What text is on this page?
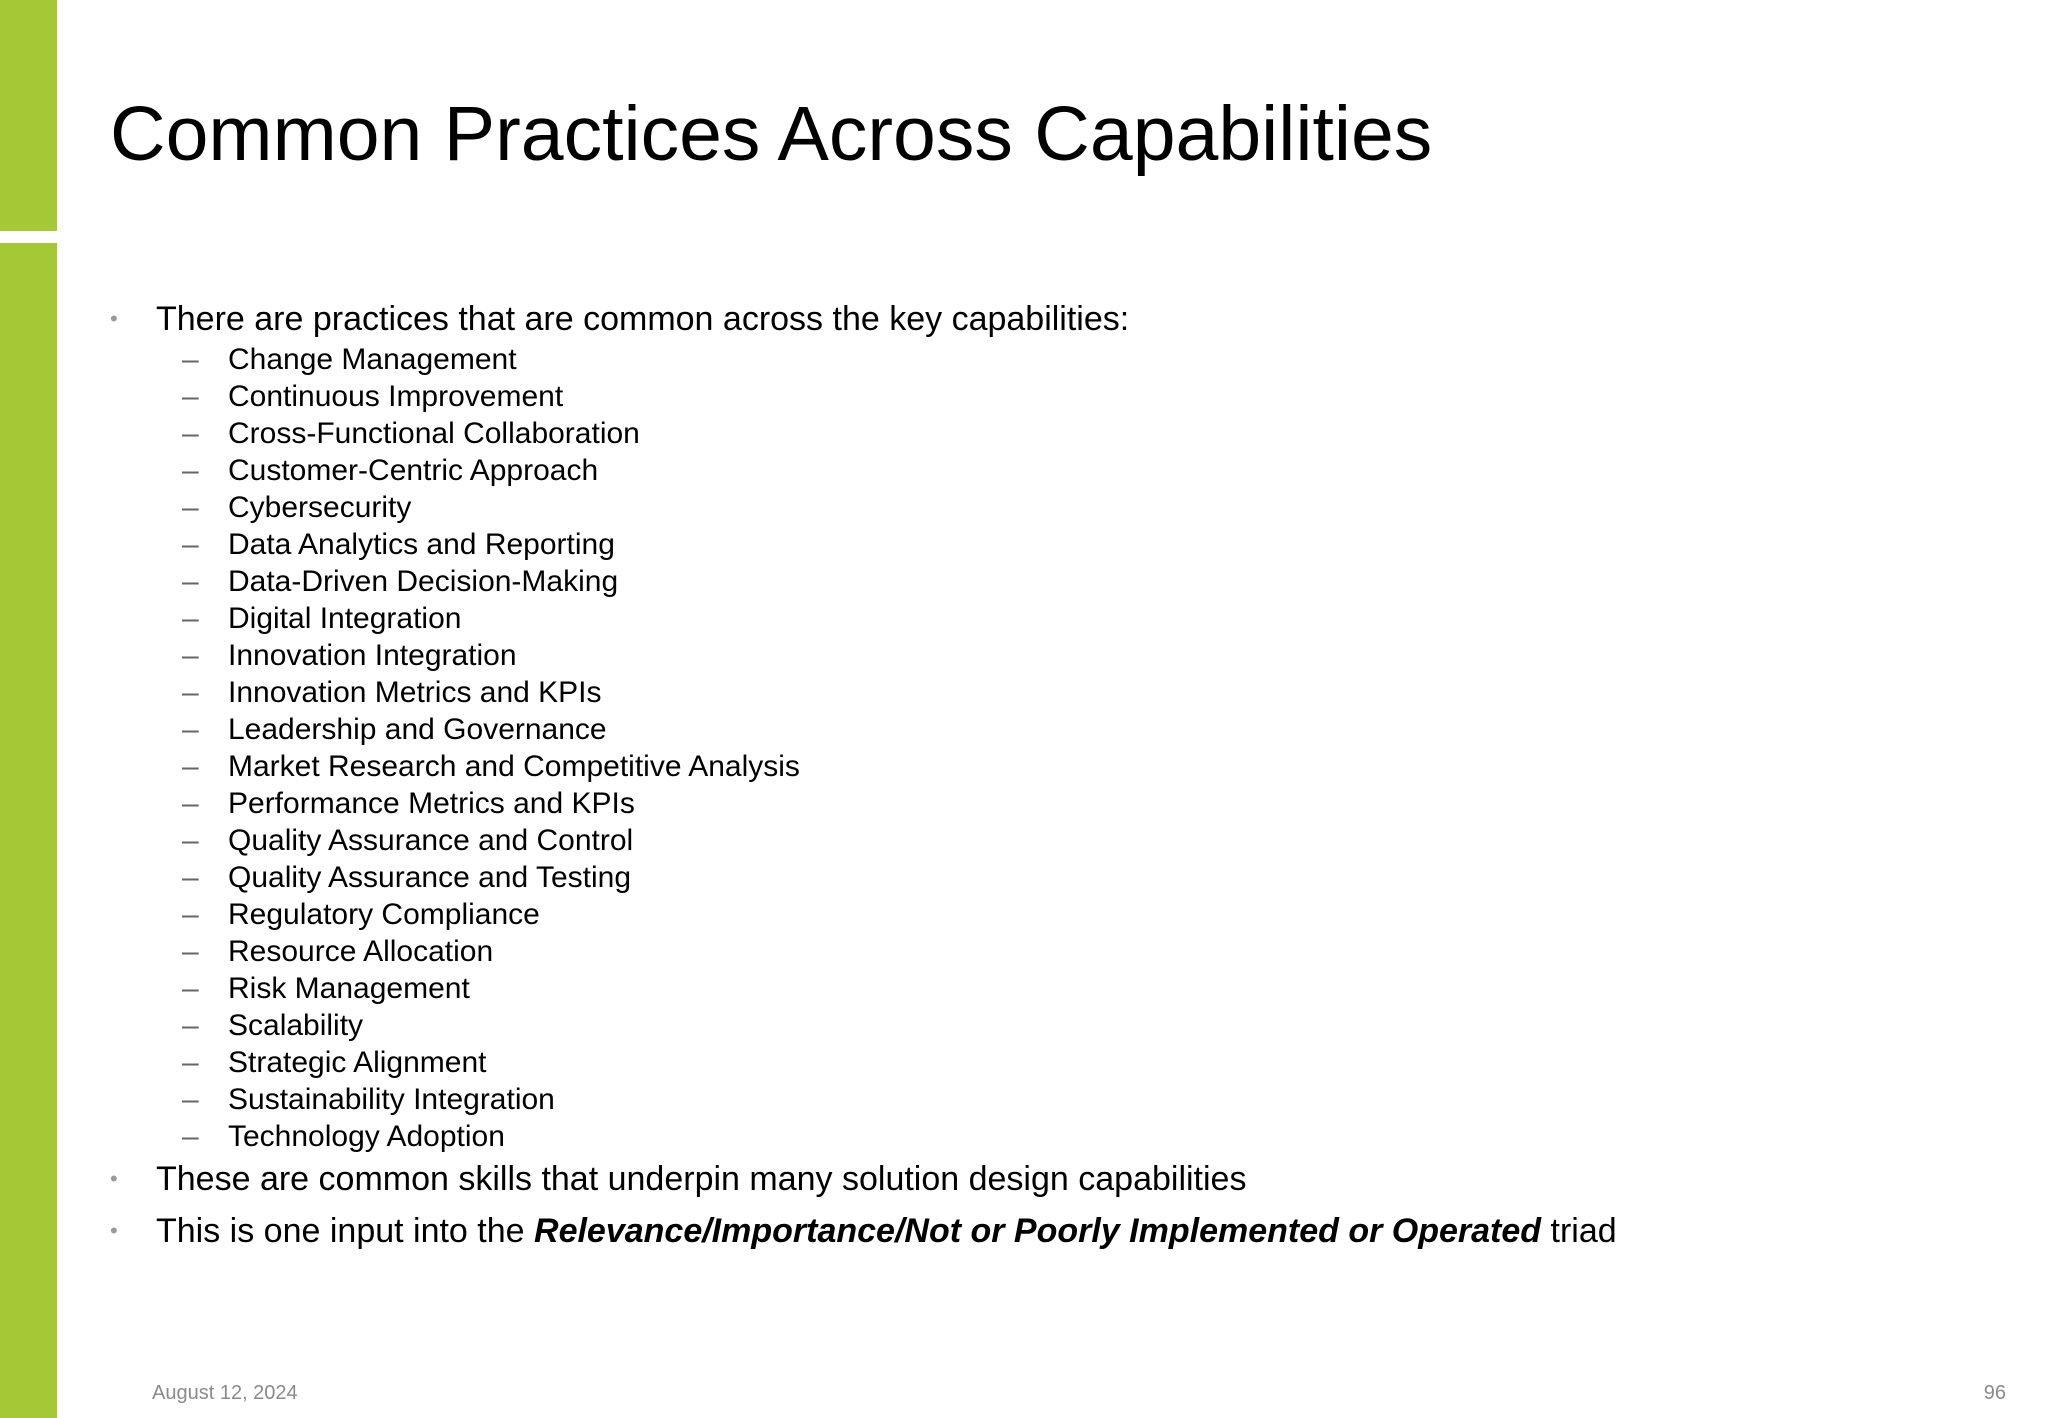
Common Practices Across Capabilities
• There are practices that are common across the key capabilities:
– Change Management
– Continuous Improvement
– Cross-Functional Collaboration
– Customer-Centric Approach
– Cybersecurity
– Data Analytics and Reporting
– Data-Driven Decision-Making
– Digital Integration
– Innovation Integration
– Innovation Metrics and KPIs
– Leadership and Governance
– Market Research and Competitive Analysis
– Performance Metrics and KPIs
– Quality Assurance and Control
– Quality Assurance and Testing
– Regulatory Compliance
– Resource Allocation
– Risk Management
– Scalability
– Strategic Alignment
– Sustainability Integration
– Technology Adoption
• These are common skills that underpin many solution design capabilities
• This is one input into the Relevance/Importance/Not or Poorly Implemented or Operated triad
August 12, 2024	96
